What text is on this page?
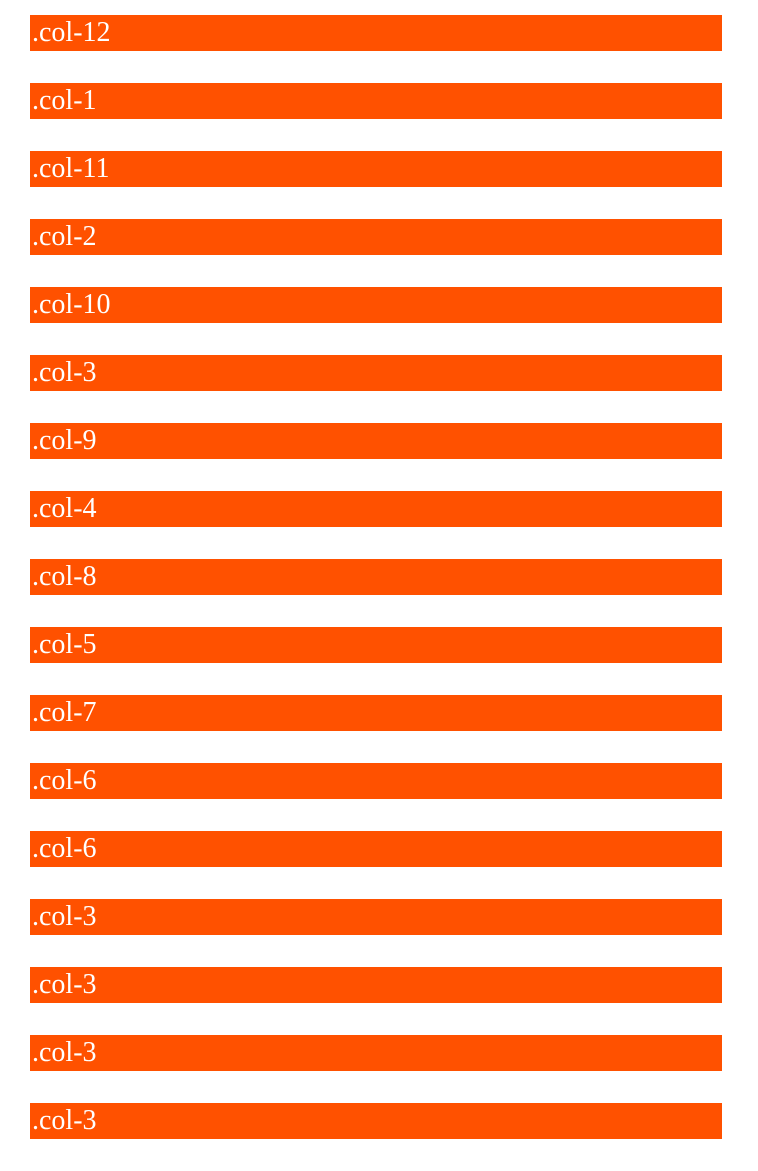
.col-12
.col-1
.col-11
.col-2
.col-10
.col-3
.col-9
.col-4
.col-8
.col-5
.col-7
.col-6
.col-6
.col-3
.col-3
.col-3
.col-3
